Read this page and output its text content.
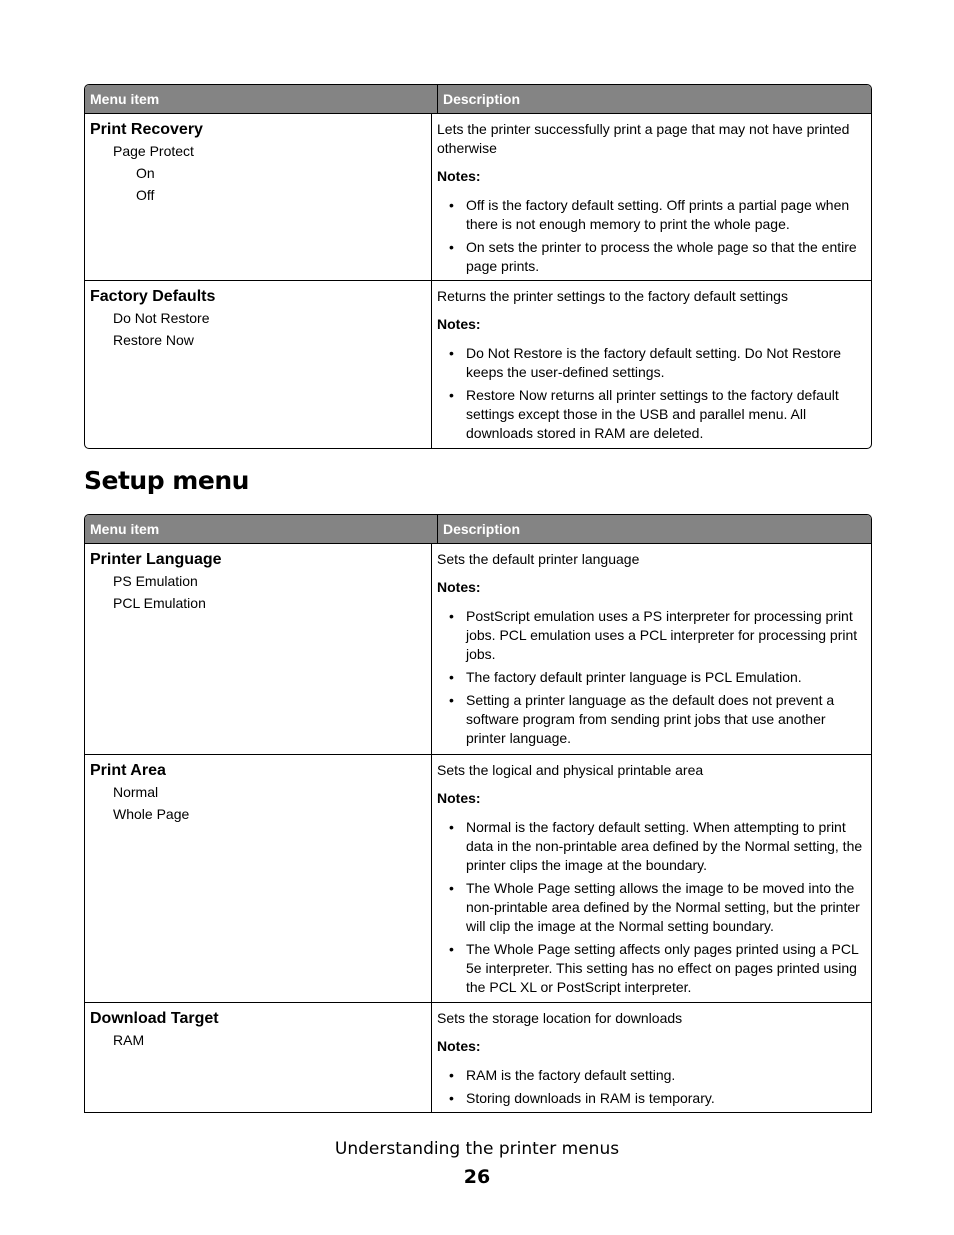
Menu item	Description
Print Recovery
Page Protect
On
Off

Lets the printer successfully print a page that may not have printed otherwise

Notes:
• Off is the factory default setting. Off prints a partial page when there is not enough memory to print the whole page.
• On sets the printer to process the whole page so that the entire page prints.
Factory Defaults
Do Not Restore
Restore Now

Returns the printer settings to the factory default settings

Notes:
• Do Not Restore is the factory default setting. Do Not Restore keeps the user-defined settings.
• Restore Now returns all printer settings to the factory default settings except those in the USB and parallel menu. All downloads stored in RAM are deleted.
Setup menu
Menu item	Description
Printer Language
PS Emulation
PCL Emulation

Sets the default printer language

Notes:
• PostScript emulation uses a PS interpreter for processing print jobs. PCL emulation uses a PCL interpreter for processing print jobs.
• The factory default printer language is PCL Emulation.
• Setting a printer language as the default does not prevent a software program from sending print jobs that use another printer language.
Print Area
Normal
Whole Page

Sets the logical and physical printable area

Notes:
• Normal is the factory default setting. When attempting to print data in the non-printable area defined by the Normal setting, the printer clips the image at the boundary.
• The Whole Page setting allows the image to be moved into the non-printable area defined by the Normal setting, but the printer will clip the image at the Normal setting boundary.
• The Whole Page setting affects only pages printed using a PCL 5e interpreter. This setting has no effect on pages printed using the PCL XL or PostScript interpreter.
Download Target
RAM

Sets the storage location for downloads

Notes:
• RAM is the factory default setting.
• Storing downloads in RAM is temporary.
Understanding the printer menus
26
